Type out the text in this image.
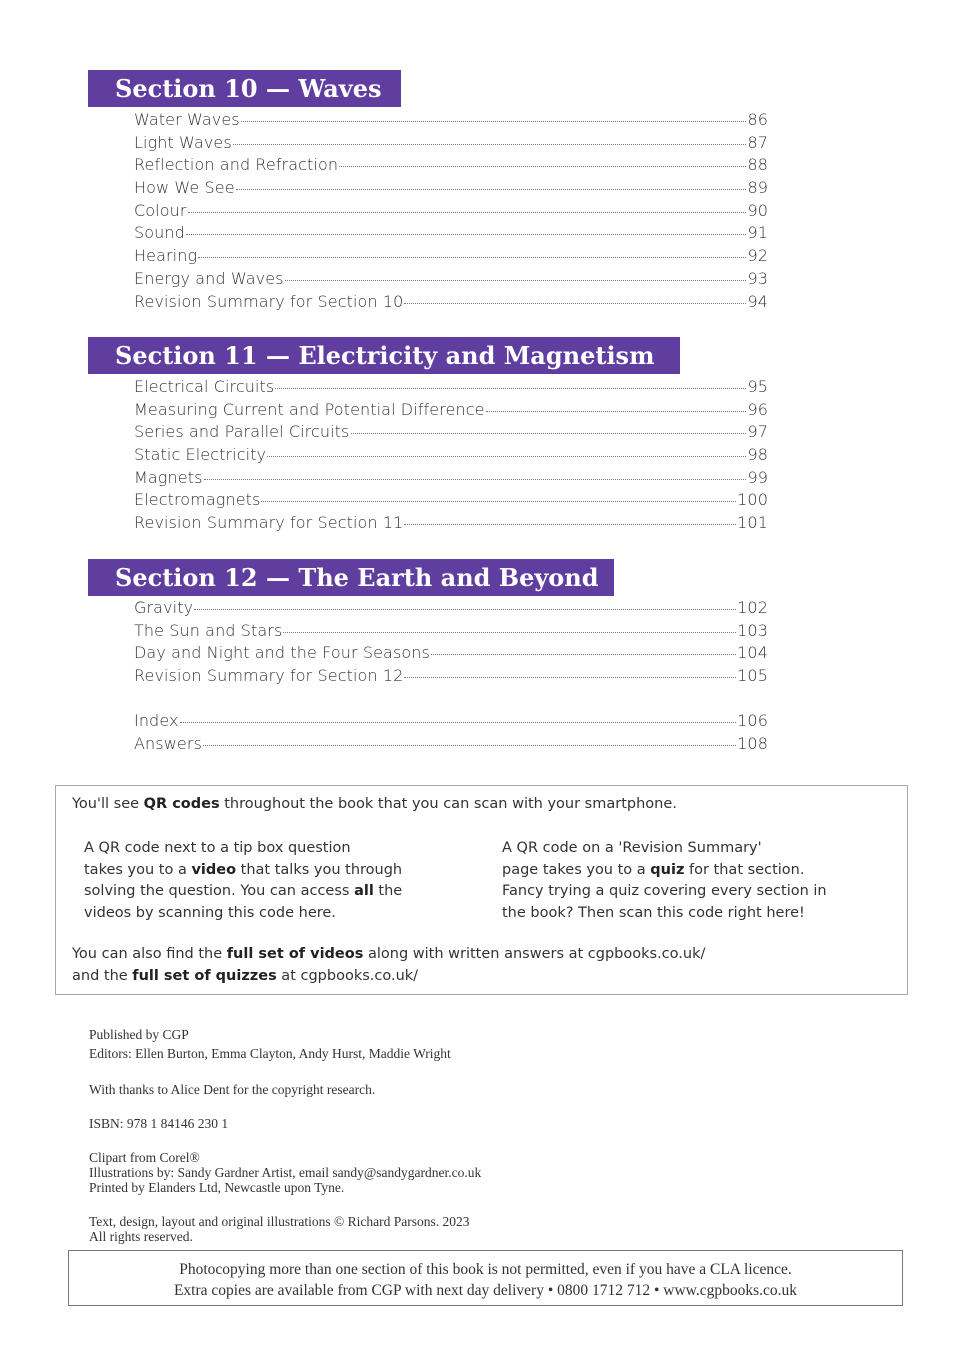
Section 10 — Waves
Water Waves	86
Light Waves	87
Reflection and Refraction	88
How We See	89
Colour	90
Sound	91
Hearing	92
Energy and Waves	93
Revision Summary for Section 10	94
Section 11 — Electricity and Magnetism
Electrical Circuits	95
Measuring Current and Potential Difference	96
Series and Parallel Circuits	97
Static Electricity	98
Magnets	99
Electromagnets	100
Revision Summary for Section 11	101
Section 12 — The Earth and Beyond
Gravity	102
The Sun and Stars	103
Day and Night and the Four Seasons	104
Revision Summary for Section 12	105
Index	106
Answers	108
You'll see QR codes throughout the book that you can scan with your smartphone.
A QR code next to a tip box question
takes you to a video that talks you through
solving the question. You can access all the
videos by scanning this code here.
A QR code on a 'Revision Summary'
page takes you to a quiz for that section.
Fancy trying a quiz covering every section in
the book? Then scan this code right here!
You can also find the full set of videos along with written answers at cgpbooks.co.uk/
and the full set of quizzes at cgpbooks.co.uk/
Published by CGP
Editors: Ellen Burton, Emma Clayton, Andy Hurst, Maddie Wright
With thanks to Alice Dent for the copyright research.
ISBN: 978 1 84146 230 1
Clipart from Corel®
Illustrations by: Sandy Gardner Artist, email sandy@sandygardner.co.uk
Printed by Elanders Ltd, Newcastle upon Tyne.
Text, design, layout and original illustrations © Richard Parsons. 2023
All rights reserved.
Photocopying more than one section of this book is not permitted, even if you have a CLA licence.
Extra copies are available from CGP with next day delivery • 0800 1712 712 • www.cgpbooks.co.uk
